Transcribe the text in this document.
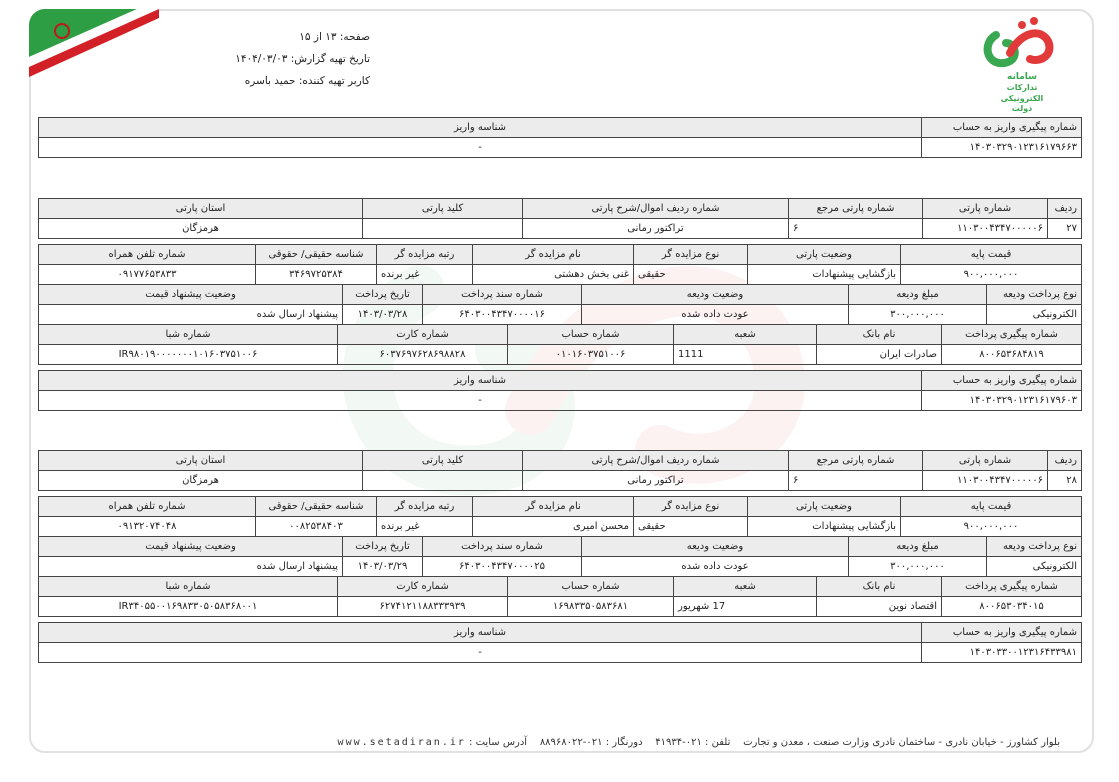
سامانه
تدارکات
الکترونیکی
دولت
صفحه: ۱۳ از ۱۵
تاریخ تهیه گزارش: ۱۴۰۴/۰۳/۰۳
کاربر تهیه کننده: حمید باسره
شماره پیگیری واریز به حساب	شناسه واریز
۱۴۰۳۰۳۲۹۰۱۲۳۱۶۱۷۹۶۶۳	-
ردیف	شماره پارتی	شماره پارتی مرجع	شماره ردیف اموال/شرح پارتی	کلید پارتی	استان پارتی
۲۷	۱۱۰۳۰۰۴۳۴۷۰۰۰۰۰۶	۶	تراکتور رمانی		هرمزگان
قیمت پایه	وضعیت پارتی	نوع مزایده گر	نام مزایده گر	رتبه مزایده گر	شناسه حقیقی/ حقوقی	شماره تلفن همراه
۹۰۰,۰۰۰,۰۰۰	بازگشایی پیشنهادات	حقیقی	غنی بخش دهشتی	غیر برنده	۳۴۶۹۷۲۵۳۸۴	۰۹۱۷۷۶۵۳۸۳۳
نوع پرداخت ودیعه	مبلغ ودیعه	وضعیت ودیعه	شماره سند پرداخت	تاریخ پرداخت	وضعیت پیشنهاد قیمت
الکترونیکی	۳۰۰,۰۰۰,۰۰۰	عودت داده شده	۶۴۰۳۰۰۴۳۴۷۰۰۰۰۱۶	۱۴۰۳/۰۳/۲۸	پیشنهاد ارسال شده
شماره پیگیری پرداخت	نام بانک	شعبه	شماره حساب	شماره کارت	شماره شبا
۸۰۰۶۵۳۶۸۴۸۱۹	صادرات ایران	1111	۰۱۰۱۶۰۳۷۵۱۰۰۶	۶۰۳۷۶۹۷۶۲۸۶۹۸۸۲۸	IR۹۸۰۱۹۰۰۰۰۰۰۰۱۰۱۶۰۳۷۵۱۰۰۶
شماره پیگیری واریز به حساب	شناسه واریز
۱۴۰۳۰۳۲۹۰۱۲۳۱۶۱۷۹۶۰۳	-
ردیف	شماره پارتی	شماره پارتی مرجع	شماره ردیف اموال/شرح پارتی	کلید پارتی	استان پارتی
۲۸	۱۱۰۳۰۰۴۳۴۷۰۰۰۰۰۶	۶	تراکتور رمانی		هرمزگان
قیمت پایه	وضعیت پارتی	نوع مزایده گر	نام مزایده گر	رتبه مزایده گر	شناسه حقیقی/ حقوقی	شماره تلفن همراه
۹۰۰,۰۰۰,۰۰۰	بازگشایی پیشنهادات	حقیقی	محسن امیری	غیر برنده	۰۰۸۲۵۳۸۴۰۳	۰۹۱۳۲۰۷۴۰۴۸
نوع پرداخت ودیعه	مبلغ ودیعه	وضعیت ودیعه	شماره سند پرداخت	تاریخ پرداخت	وضعیت پیشنهاد قیمت
الکترونیکی	۳۰۰,۰۰۰,۰۰۰	عودت داده شده	۶۴۰۳۰۰۴۳۴۷۰۰۰۰۲۵	۱۴۰۳/۰۳/۲۹	پیشنهاد ارسال شده
شماره پیگیری پرداخت	نام بانک	شعبه	شماره حساب	شماره کارت	شماره شبا
۸۰۰۶۵۳۰۳۴۰۱۵	اقتصاد نوین	17 شهریور	۱۶۹۸۳۳۵۰۵۸۳۶۸۱	۶۲۷۴۱۲۱۱۸۸۳۳۳۹۳۹	IR۳۴۰۵۵۰۰۱۶۹۸۳۳۰۵۰۵۸۳۶۸۰۰۱
شماره پیگیری واریز به حساب	شناسه واریز
۱۴۰۳۰۳۳۰۰۱۲۳۱۶۴۳۳۹۸۱	-
بلوار کشاورز - خیابان نادری - ساختمان نادری وزارت صنعت ، معدن و تجارت    تلفن : ۰۲۱-۴۱۹۳۴    دورنگار : ۰۲۱-۸۸۹۶۸۰۲۲    آدرس سایت : www.setadiran.ir
